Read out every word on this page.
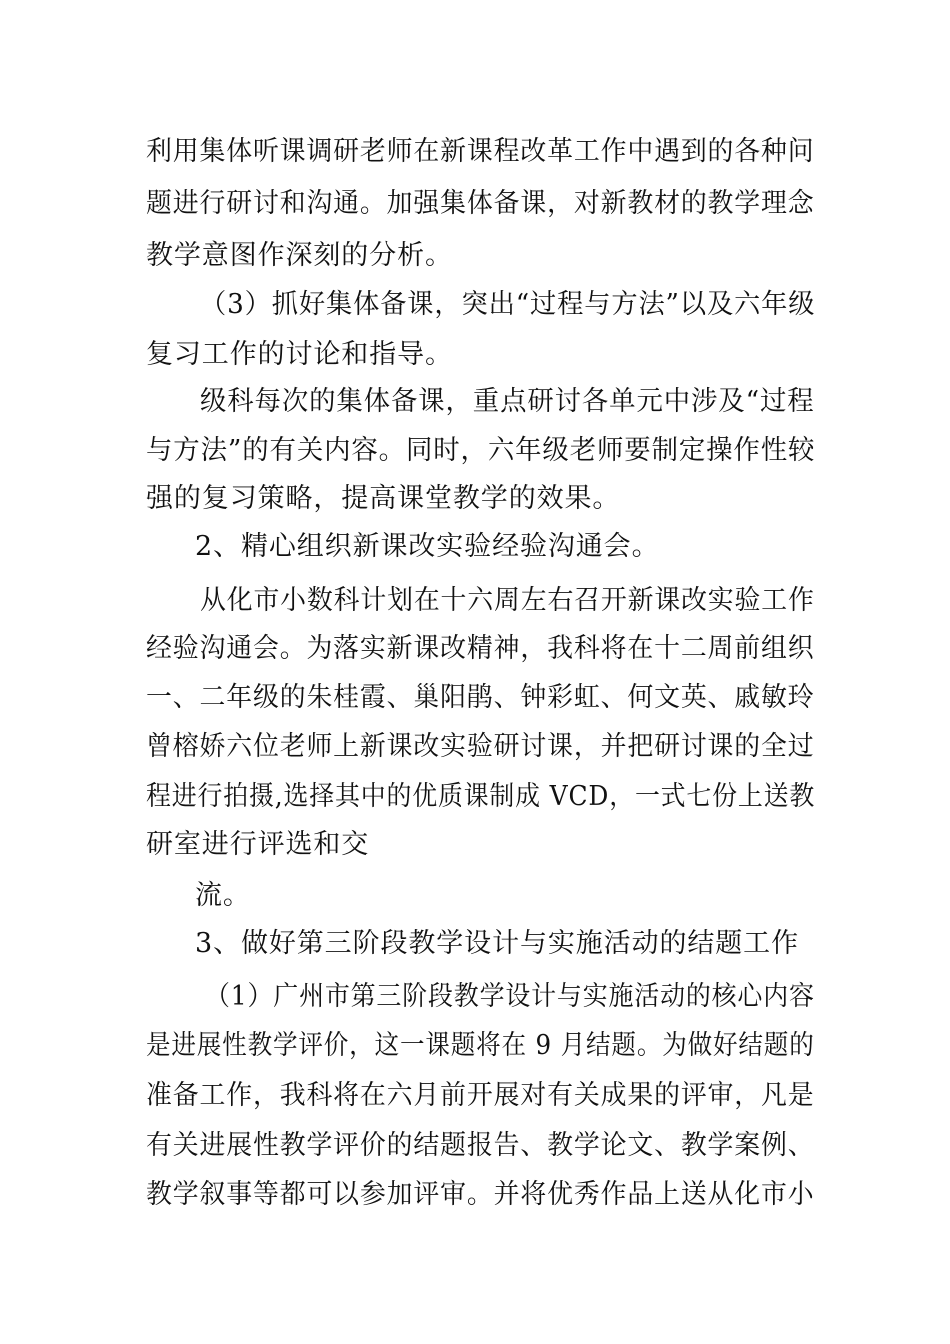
利用集体听课调研老师在新课程改革工作中遇到的各种问
题进行研讨和沟通。加强集体备课，对新教材的教学理念
教学意图作深刻的分析。
（3）抓好集体备课，突出“过程与方法”以及六年级
复习工作的讨论和指导。
级科每次的集体备课，重点研讨各单元中涉及“过程
与方法”的有关内容。同时，六年级老师要制定操作性较
强的复习策略，提高课堂教学的效果。
2、精心组织新课改实验经验沟通会。
从化市小数科计划在十六周左右召开新课改实验工作
经验沟通会。为落实新课改精神，我科将在十二周前组织
一、二年级的朱桂霞、巢阳鹃、钟彩虹、何文英、戚敏玲
曾榕娇六位老师上新课改实验研讨课，并把研讨课的全过
程进行拍摄,选择其中的优质课制成 VCD，一式七份上送教
研室进行评选和交
流。
3、做好第三阶段教学设计与实施活动的结题工作
（1）广州市第三阶段教学设计与实施活动的核心内容
是进展性教学评价，这一课题将在 9 月结题。为做好结题的
准备工作，我科将在六月前开展对有关成果的评审，凡是
有关进展性教学评价的结题报告、教学论文、教学案例、
教学叙事等都可以参加评审。并将优秀作品上送从化市小
